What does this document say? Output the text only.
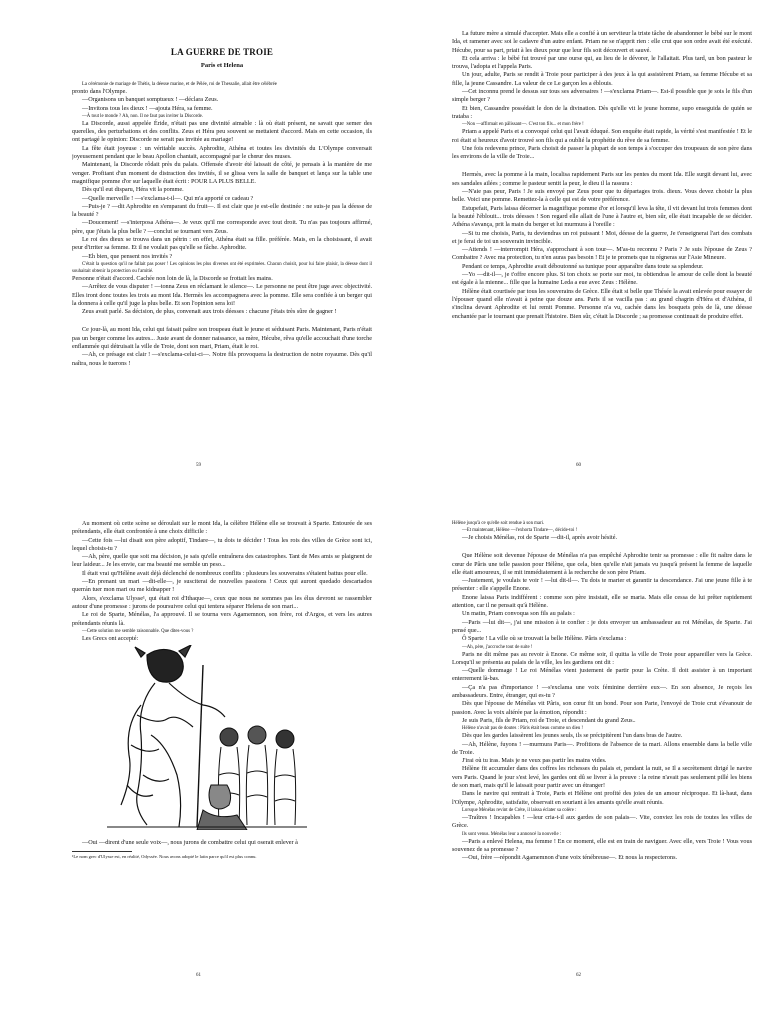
LA GUERRE DE TROIE
Paris et Helena
La cérémonie de mariage de Thétis, la déesse marine, et de Pélée, roi de Thessalie, allait être célébrée
pronto dans l'Olympe.
—Organisons un banquet somptueux ! —déclara Zeus.
—Invitons tous les dieux ! —ajouta Héra, sa femme.
—À tout le monde ? Ah, non. Il ne faut pas inviter la Discorde.
La Discorde, aussi appelée Éride, n'était pas une divinité aimable : là où était présent, ne savait que semer des querelles, des perturbations et des conflits. Zeus et Héra peu souvent se mettaient d'accord. Mais en cette occasion, ils ont partagé le opinion: Discorde ne serait pas invitée au mariage!
La fête était joyeuse : un véritable succès. Aphrodite, Athéna et toutes les divinités du L'Olympe conversait joyeusement pendant que le beau Apollon chantait, accompagné par le chœur des muses.
Maintenant, la Discorde rôdait près du palais. Offensée d'avoir été laissait de côté, je pensais à la manière de me venger. Profitant d'un moment de distraction des invités, il se glissa vers la salle de banquet et lança sur la table une magnifique pomme d'or sur laquelle était écrit : POUR LA PLUS BELLE.
Dès qu'il eut disparu, Héra vit la pomme.
—Quelle merveille ! —s'exclama-t-il—. Qui m'a apporté ce cadeau ?
—Puis-je ? —dit Aphrodite en s'emparant du fruit—. Il est clair que je est-elle destinée : ne suis-je pas la déesse de la beauté ?
—Doucement! —s'interposa Athéna—. Je veux qu'il me corresponde avec tout droit. Tu n'as pas toujours affirmé, père, que j'étais la plus belle ? —conclut se tournant vers Zeus.
Le roi des dieux se trouva dans un pétrin : en effet, Athéna était sa fille. préférée. Mais, en la choisissant, il avait peur d'irriter sa femme. Et il ne voulait pas qu'elle se fâche. Aphrodite.
—Eh bien, que pensent nos invités ?
C'était la question qu'il ne fallait pas poser ! Les opinions les plus diverses ont été exprimées. Chacun choisit, pour lui faire plaisir, la déesse dont il souhaitait obtenir la protection ou l'amitié.
Personne n'était d'accord. Cachée non loin de là, la Discorde se frottait les mains.
—Arrêtez de vous disputer ! —tonna Zeus en réclamant le silence—. Le personne ne peut être juge avec objectivité. Elles iront donc toutes les trois au mont Ida. Hermès les accompagnera avec la pomme. Elle sera confiée à un berger qui la donnera à celle qu'il juge la plus belle. Et son l'opinion sera loi!
Zeus avait parlé. Sa décision, de plus, convenait aux trois déesses : chacune j'étais très sûre de gagner !
Ce jour-là, au mont Ida, celui qui faisait paître son troupeau était le jeune et séduisant Paris. Maintenant, Paris n'était pas un berger comme les autres... Juste avant de donner naissance, sa mère, Hécube, rêva qu'elle accouchait d'une torche enflammée qui détruisait la ville de Troie, dont son mari, Priam, était le roi.
—Ah, ce présage est clair ! —s'exclama-celui-ci—. Notre fils provoquera la destruction de notre royaume. Dès qu'il naîtra, nous le tuerons !
59
La future mère a simulé d'accepter. Mais elle a confié à un serviteur la triste tâche de abandonner le bébé sur le mont Ida, et ramener avec soi le cadavre d'un autre enfant. Priam ne se n'apprit rien : elle crut que son ordre avait été exécuté. Hécube, pour sa part, priait à les dieux pour que leur fils soit découvert et sauvé.
Et cela arriva : le bébé fut trouvé par une ourse qui, au lieu de le dévorer, le l'allaitait. Plus tard, un bon pasteur le trouva, l'adopta et l'appela Paris.
Un jour, adulte, Paris se rendit à Troie pour participer à des jeux à la qui assistèrent Priam, sa femme Hécube et sa fille, la jeune Cassandre. La valeur de ce Le garçon les a éblouis.
—Cet inconnu prend le dessus sur tous ses adversaires ! —s'exclama Priam—. Est-il possible que je sois le fils d'un simple berger ?
Et bien, Cassandre possédait le don de la divination. Dès qu'elle vit le jeune homme, supo enseguida de quién se trataba :
—Non —affirmait en pâlissant—. C'est ton fils... et mon frère !
Priam a appelé Paris et a convoqué celui qui l'avait éduqué. Son enquête était rapide, la vérité s'est manifestée ! Et le roi était si heureux d'avoir trouvé son fils qui a oublié la prophétie du rêve de sa femme.
Une fois redevenu prince, Paris choisit de passer la plupart de son temps à s'occuper des troupeaux de son père dans les environs de la ville de Troie...
Hermès, avec la pomme à la main, localisa rapidement Paris sur les pentes du mont Ida. Elle surgit devant lui, avec ses sandales ailées ; comme le pasteur sentit la peur, le dieu il la rassura :
—N'aie pas peur, Paris ! Je suis envoyé par Zeus pour que tu départages trois. dieux. Vous devez choisir la plus belle. Voici une pomme. Remettez-la à celle qui est de votre préférence.
Estupefait, Paris laissa décerner la magnifique pomme d'or et lorsqu'il leva la tête, il vit devant lui trois femmes dont la beauté l'éblouit... trois déesses ! Son regard elle allait de l'une à l'autre et, bien sûr, elle était incapable de se décider. Athéna s'avança, prit la main du berger et lui murmura à l'oreille :
—Si tu me choisis, Paris, tu deviendras un roi puissant ! Moi, déesse de la guerre, Je t'enseignerai l'art des combats et je ferai de toi un souverain invincible.
—Attends ! —interrompit Héra, s'approchant à son tour—. M'as-tu reconnu ? Paris ? Je suis l'épouse de Zeus ? Combattre ? Avec ma protection, tu n'en auras pas besoin ! Et je te promets que tu régneras sur l'Asie Mineure.
Pendant ce temps, Aphrodite avait déboutonné sa tunique pour apparaître dans toute sa splendeur.
—Yo —dit-il—, je t'offre encore plus. Si ton choix se porte sur moi, tu obtiendras le amour de celle dont la beauté est égale à la mienne... fille que la humaine Leda a eue avec Zeus : Hélène.
Hélène était courtisée par tous les souverains de Grèce. Elle était si belle que Thésée la avait enlevée pour essayer de l'épouser quand elle n'avait à peine que douze ans. Paris il se vacilla pas : au grand chagrin d'Héra et d'Athéna, il s'inclina devant Aphrodite et lui remit Pomme. Personne n'a vu, cachée dans les bosquets près de là, une déesse enchantée par le tournant que prenait l'histoire. Bien sûr, c'était la Discorde ; sa promesse continuait de produire effet.
60
Au moment où cette scène se déroulait sur le mont Ida, la célèbre Hélène elle se trouvait à Sparte. Entourée de ses prétendants, elle était confrontée à une choix difficile :
—Cette fois —lui disait son père adoptif, Tindare—, tu dois te décider ! Tous les rois des villes de Grèce sont ici, lequel choisis-tu ?
—Ah, père, quelle que soit ma décision, je sais qu'elle entraînera des catastrophes. Tant de Mes amis se plaignent de leur laideur... Je les envie, car ma beauté me semble un peso...
Il était vrai qu'Hélène avait déjà déclenché de nombreux conflits : plusieurs les souverains s'étaient battus pour elle.
—En prenant un mari —dit-elle—, je susciterai de nouvelles passions ! Ceux qui auront quedado descartados querrán tuer mon mari ou me kidnapper !
Alors, s'exclama Ulysse¹, qui était roi d'Ithaque—, ceux que nous ne sommes pas les élus devront se rassembler autour d'une promesse : jurons de poursuivre celui qui tentera séparer Helena de son mari...
Le roi de Sparte, Ménélas, l'a approuvé. Il se tourna vers Agamemnon, son frère, roi d'Argos, et vers les autres prétendants réunis là.
—Cette solution me semble raisonnable. Que dites-vous ?
Les Grecs ont accepté:
—Oui —dirent d'une seule voix—, nous jurons de combattre celui qui oserait enlever à
¹Le nom grec d'Ulysse est, en réalité, Odyssée. Nous avons adopté le latin parce qu'il est plus connu.
61
Hélène jusqu'à ce qu'elle soit rendue à son mari.
—Et maintenant, Hélène —l'exhorta Tindare—, décide-toi !
—Je choisis Ménélas, roi de Sparte —dit-il, après avoir hésité.
Que Hélène soit devenue l'épouse de Ménélas n'a pas empêché Aphrodite tenir sa promesse : elle fit naître dans le cœur de Pâris une telle passion pour Hélène, que cela, bien qu'elle n'ait jamais vu jusqu'à présent la femme de laquelle elle était amoureux, il se mit immédiatement à la recherche de son père Priam.
—Justement, je voulais te voir ! —lui dit-il—. Tu dois te marier et garantir ta descendance. J'ai une jeune fille à te présenter : elle s'appelle Enone.
Enone laissa Paris indifférent : comme son père insistait, elle se maria. Mais elle cessa de lui prêter rapidement attention, car il ne pensait qu'à Hélène.
Un matin, Priam convoqua son fils au palais :
—Paris —lui dit—, j'ai une mission à te confier : je dois envoyer un ambassadeur au roi Ménélas, de Sparte. J'ai pensé que...
Ô Sparte ! La ville où se trouvait la belle Hélène. Pâris s'exclama :
—Ah, père, j'accroche tout de suite !
Paris ne dit même pas au revoir à Enone. Ce même soir, il quitta la ville de Troie pour appareiller vers la Grèce. Lorsqu'il se présenta au palais de la ville, les les gardiens ont dit :
—Quelle dommage ! Le roi Ménélas vient justement de partir pour la Crète. Il doit assister à un important enterrement là-bas.
—Ça n'a pas d'importance ! —s'exclama une voix féminine derrière eux—. En son absence, Je reçois les ambassadeurs. Entre, étranger, qui es-tu ?
Dès que l'épouse de Ménélas vit Pâris, son cœur fit un bond. Pour son Parte, l'envoyé de Troie crut s'évanouir de passion. Avec la voix altérée par la émotion, répondit :
Je suis Paris, fils de Priam, roi de Troie, et descendant du grand Zeus..
Hélène n'avait pas de doutes : Pâris était beau comme un dieu !
Dès que les gardes laissèrent les jeunes seuls, ils se précipitèrent l'un dans bras de l'autre.
—Ah, Hélène, fuyons ! —murmura Paris—. Profitions de l'absence de ta mari. Allons ensemble dans la belle ville de Troie.
J'irai où tu iras. Mais je ne veux pas partir les mains vides.
Hélène fit accumuler dans des coffres les richesses du palais et, pendant la nuit, se Il a secrètement dirigé le navire vers Paris. Quand le jour s'est levé, les gardes ont dû se livrer à la preuve : la reine n'avait pas seulement pillé les biens de son mari, mais qu'il le laissait pour partir avec un étranger!
Dans le navire qui rentrait à Troie, Paris et Hélène ont profité des joies de un amour réciproque. Et là-haut, dans l'Olympe, Aphrodite, satisfaite, observait en souriant à les amants qu'elle avait réunis.
Lorsque Ménélas revint de Crète, il laissa éclater sa colère :
—Traîtres ! Incapables ! —leur cria-t-il aux gardes de son palais—. Vite, conviez les rois de toutes les villes de Grèce.
Ils sont venus. Ménélas leur a annoncé la nouvelle :
—Paris a enlevé Helena, ma femme ! En ce moment, elle est en train de naviguer. Avec elle, vers Troie ! Vous vous souvenez de sa promesse ?
—Oui, frère —répondit Agamemnon d'une voix ténébreuse—. Et nous la respecterons.
62
